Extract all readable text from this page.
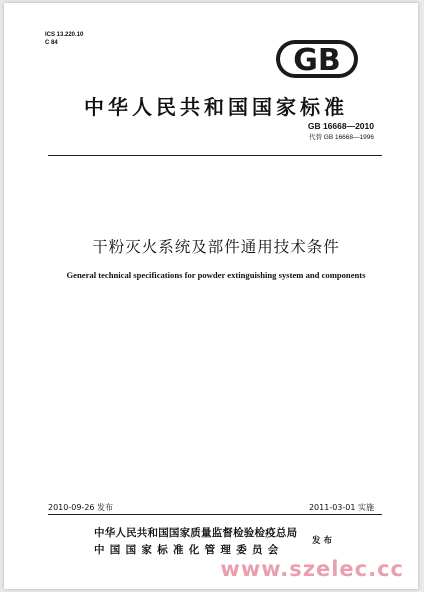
ICS 13.220.10
C 84	GB
中华人民共和国国家标准
GB 16668—2010
代替 GB 16668—1996
干粉灭火系统及部件通用技术条件
General technical specifications for powder extinguishing system and components
2010-09-26 发布	2011-03-01 实施
中华人民共和国国家质量监督检验检疫总局
中国国家标准化管理委员会
发布
www.szelec.cc
